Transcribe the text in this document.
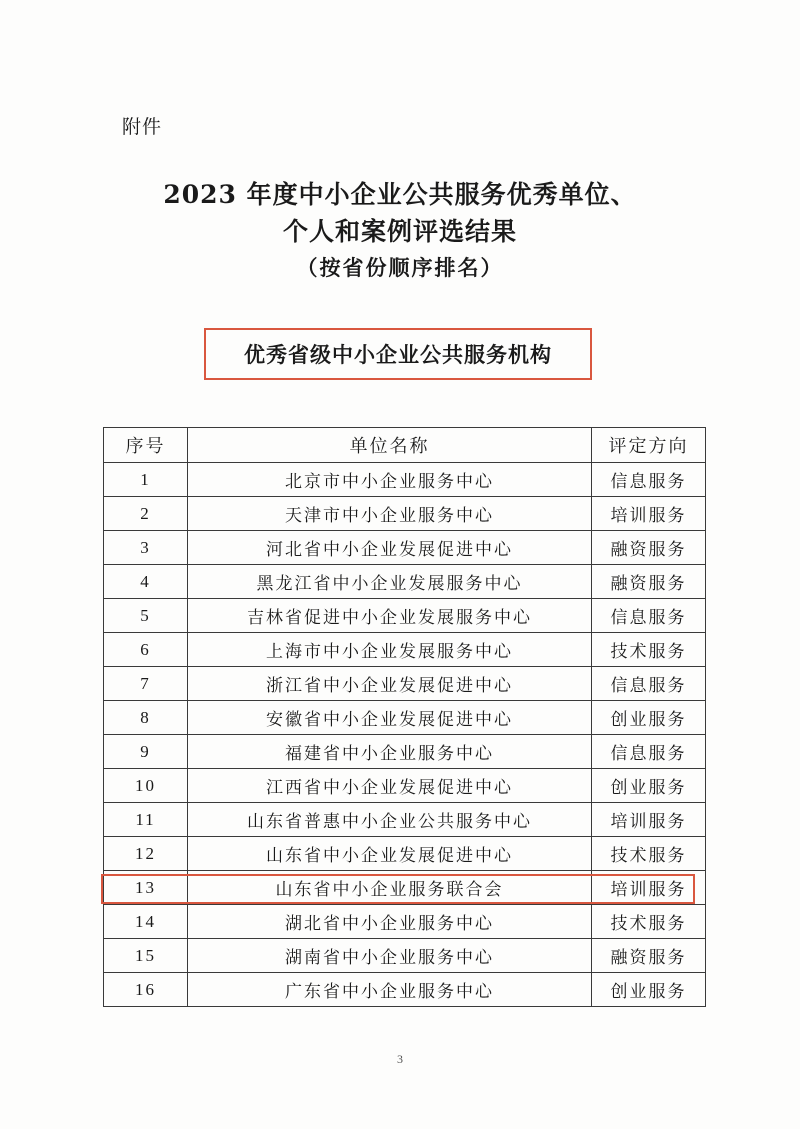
附件
2023 年度中小企业公共服务优秀单位、
个人和案例评选结果
（按省份顺序排名）
优秀省级中小企业公共服务机构
序号	单位名称	评定方向
1	北京市中小企业服务中心	信息服务
2	天津市中小企业服务中心	培训服务
3	河北省中小企业发展促进中心	融资服务
4	黑龙江省中小企业发展服务中心	融资服务
5	吉林省促进中小企业发展服务中心	信息服务
6	上海市中小企业发展服务中心	技术服务
7	浙江省中小企业发展促进中心	信息服务
8	安徽省中小企业发展促进中心	创业服务
9	福建省中小企业服务中心	信息服务
10	江西省中小企业发展促进中心	创业服务
11	山东省普惠中小企业公共服务中心	培训服务
12	山东省中小企业发展促进中心	技术服务
13	山东省中小企业服务联合会	培训服务
14	湖北省中小企业服务中心	技术服务
15	湖南省中小企业服务中心	融资服务
16	广东省中小企业服务中心	创业服务
3
